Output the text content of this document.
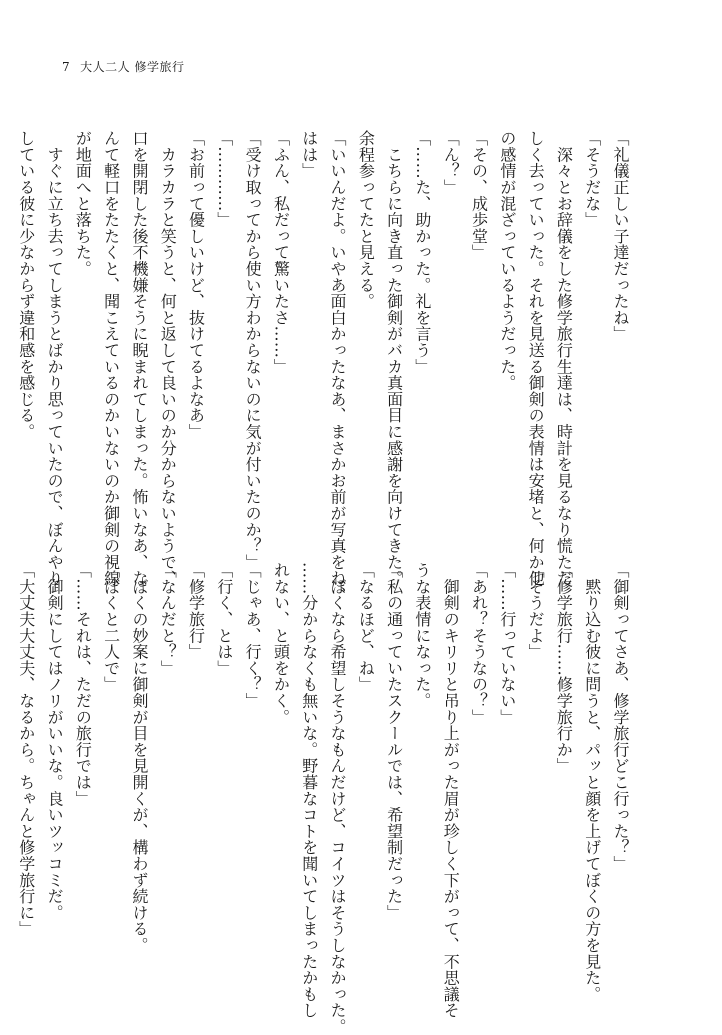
7 大人二人 修学旅行
「礼儀正しい子達だったね」
「そうだな」
　深々とお辞儀をした修学旅行生達は、時計を見るなり慌ただ
しく去っていった。それを見送る御剣の表情は安堵と、何か他
の感情が混ざっているようだった。
「その、成歩堂」
「ん？」
「……た、助かった。礼を言う」
　こちらに向き直った御剣がバカ真面目に感謝を向けてきた。
余程参ってたと見える。
「いいんだよ。いやあ面白かったなあ、まさかお前が写真をね、
はは」
「ふん、私だって驚いたさ……」
「受け取ってから使い方わからないのに気が付いたのか？」
「…………」
「お前って優しいけど、抜けてるよなあ」
　カラカラと笑うと、何と返して良いのか分からないようで、
口を開閉した後不機嫌そうに睨まれてしまった。怖いなあ、な
んて軽口をたたくと、聞こえているのかいないのか御剣の視線
が地面へと落ちた。
　すぐに立ち去ってしまうとばかり思っていたので、ぼんやり
している彼に少なからず違和感を感じる。
「御剣ってさあ、修学旅行どこ行った？」
　黙り込む彼に問うと、パッと顔を上げてぼくの方を見た。
「修学旅行……修学旅行か」
「そうだよ」
「……行っていない」
「あれ？そうなの？」
　御剣のキリリと吊り上がった眉が珍しく下がって、不思議そ
うな表情になった。
「私の通っていたスクールでは、希望制だった」
「なるほど、ね」
　ぼくなら希望しそうなもんだけど、コイツはそうしなかった。
……分からなくも無いな。野暮なコトを聞いてしまったかもし
れない、と頭をかく。
「じゃあ、行く？」
「行く、とは」
「修学旅行」
「なんだと？」
　ぼくの妙案に御剣が目を見開くが、構わず続ける。
「ぼくと二人で」
「……それは、ただの旅行では」
　御剣にしてはノリがいいな。良いツッコミだ。
「大丈夫大丈夫、なるから。ちゃんと修学旅行に」
